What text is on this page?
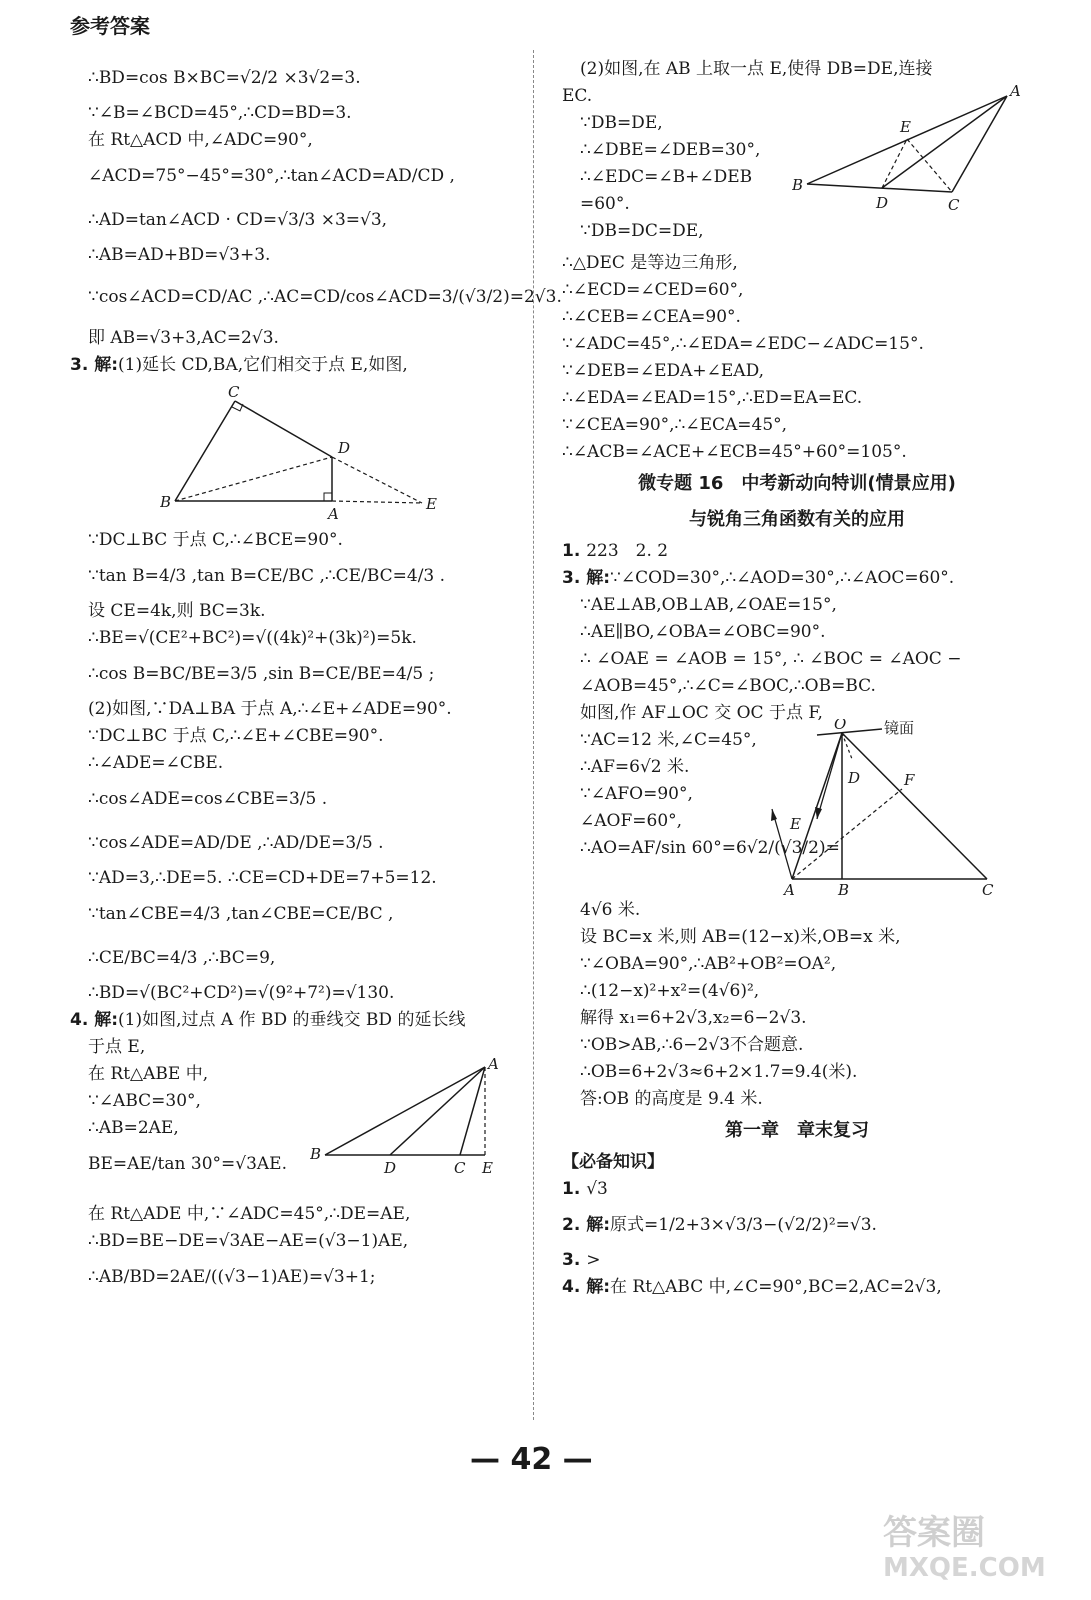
参考答案
∴BD=cos B×BC=√2/2 ×3√2=3.
∵∠B=∠BCD=45°,∴CD=BD=3.
在 Rt△ACD 中,∠ADC=90°,
∠ACD=75°−45°=30°,∴tan∠ACD=AD/CD ,
∴AD=tan∠ACD · CD=√3/3 ×3=√3,
∴AB=AD+BD=√3+3.
∵cos∠ACD=CD/AC ,∴AC=CD/cos∠ACD=3/(√3/2)=2√3.
即 AB=√3+3,AC=2√3.
3. 解:(1)延长 CD,BA,它们相交于点 E,如图,
C
D
B
A
E
∵DC⊥BC 于点 C,∴∠BCE=90°.
∵tan B=4/3 ,tan B=CE/BC ,∴CE/BC=4/3 .
设 CE=4k,则 BC=3k.
∴BE=√(CE²+BC²)=√((4k)²+(3k)²)=5k.
∴cos B=BC/BE=3/5 ,sin B=CE/BE=4/5 ;
(2)如图,∵DA⊥BA 于点 A,∴∠E+∠ADE=90°.
∵DC⊥BC 于点 C,∴∠E+∠CBE=90°.
∴∠ADE=∠CBE.
∴cos∠ADE=cos∠CBE=3/5 .
∵cos∠ADE=AD/DE ,∴AD/DE=3/5 .
∵AD=3,∴DE=5. ∴CE=CD+DE=7+5=12.
∵tan∠CBE=4/3 ,tan∠CBE=CE/BC ,
∴CE/BC=4/3 ,∴BC=9,
∴BD=√(BC²+CD²)=√(9²+7²)=√130.
4. 解:(1)如图,过点 A 作 BD 的垂线交 BD 的延长线
于点 E,
在 Rt△ABE 中,
∵∠ABC=30°,
∴AB=2AE,
BE=AE/tan 30°=√3AE.
A
B
D	C E
在 Rt△ADE 中,∵∠ADC=45°,∴DE=AE,
∴BD=BE−DE=√3AE−AE=(√3−1)AE,
∴AB/BD=2AE/((√3−1)AE)=√3+1;
(2)如图,在 AB 上取一点 E,使得 DB=DE,连接
EC.
∵DB=DE,
∴∠DBE=∠DEB=30°,
∴∠EDC=∠B+∠DEB
=60°.
∵DB=DC=DE,
A
E
B
D	C
∴△DEC 是等边三角形,
∴∠ECD=∠CED=60°,
∴∠CEB=∠CEA=90°.
∵∠ADC=45°,∴∠EDA=∠EDC−∠ADC=15°.
∵∠DEB=∠EDA+∠EAD,
∴∠EDA=∠EAD=15°,∴ED=EA=EC.
∵∠CEA=90°,∴∠ECA=45°,
∴∠ACB=∠ACE+∠ECB=45°+60°=105°.
微专题 16　中考新动向特训(情景应用)
与锐角三角函数有关的应用
1. 223　2. 2
3. 解:∵∠COD=30°,∴∠AOD=30°,∴∠AOC=60°.
∵AE⊥AB,OB⊥AB,∠OAE=15°,
∴AE∥BO,∠OBA=∠OBC=90°.
∴ ∠OAE = ∠AOB = 15°, ∴ ∠BOC = ∠AOC −
∠AOB=45°,∴∠C=∠BOC,∴OB=BC.
如图,作 AF⊥OC 交 OC 于点 F,
∵AC=12 米,∠C=45°,
∴AF=6√2 米.
∵∠AFO=90°,
∠AOF=60°,
∴AO=AF/sin 60°=6√2/(√3/2)=
O	镜面
D	F
E
A	B	C
4√6 米.
设 BC=x 米,则 AB=(12−x)米,OB=x 米,
∵∠OBA=90°,∴AB²+OB²=OA²,
∴(12−x)²+x²=(4√6)²,
解得 x₁=6+2√3,x₂=6−2√3.
∵OB>AB,∴6−2√3不合题意.
∴OB=6+2√3≈6+2×1.7=9.4(米).
答:OB 的高度是 9.4 米.
第一章　章末复习
【必备知识】
1. √3
2. 解:原式=1/2+3×√3/3−(√2/2)²=√3.
3. >
4. 解:在 Rt△ABC 中,∠C=90°,BC=2,AC=2√3,
— 42 —
答案圈
MXQE.COM
